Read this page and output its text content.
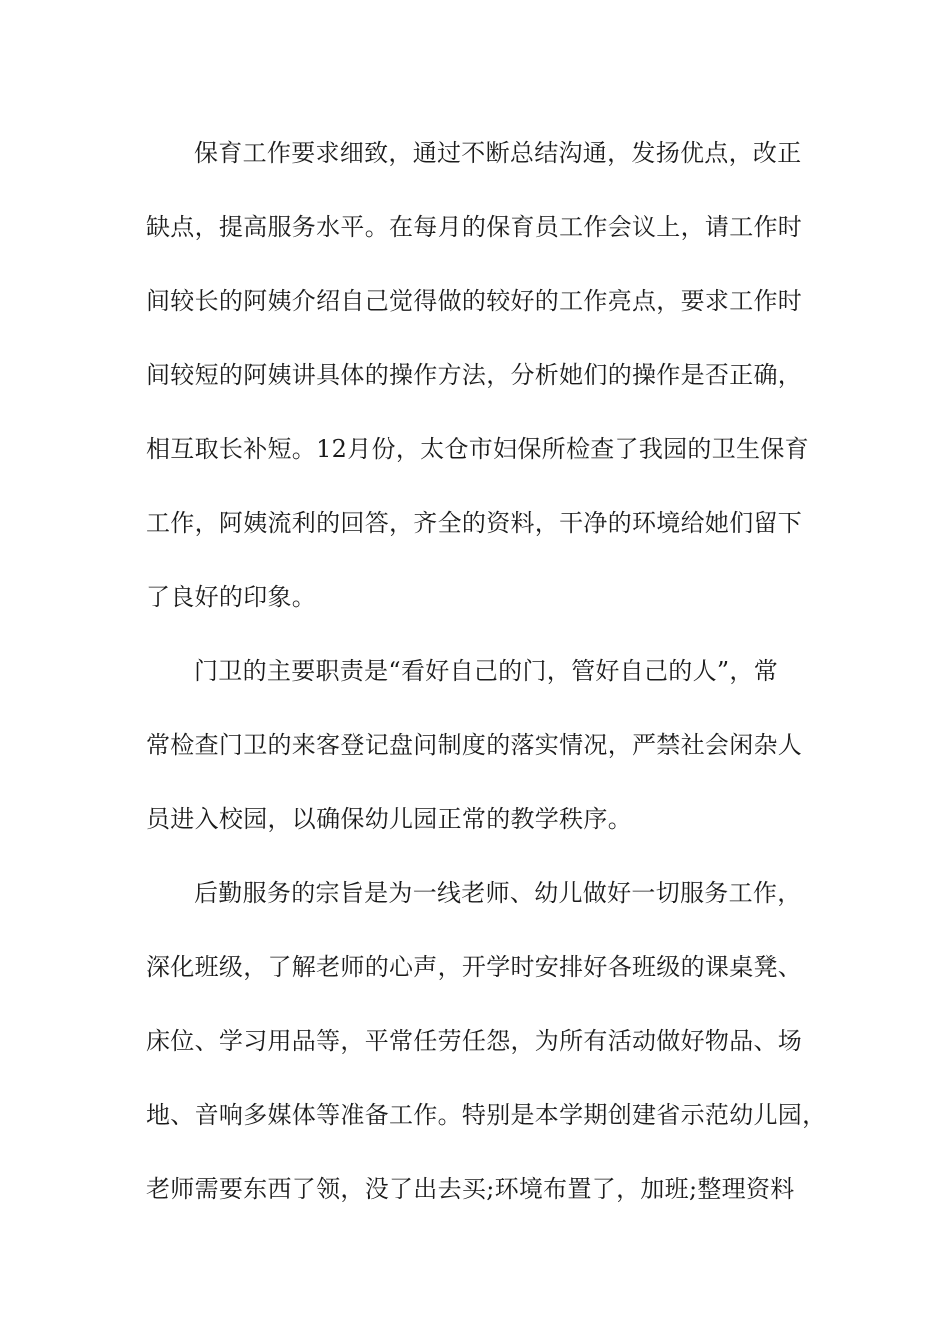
保育工作要求细致，通过不断总结沟通，发扬优点，改正
缺点，提高服务水平。在每月的保育员工作会议上，请工作时
间较长的阿姨介绍自己觉得做的较好的工作亮点，要求工作时
间较短的阿姨讲具体的操作方法，分析她们的操作是否正确，
相互取长补短。12月份，太仓市妇保所检查了我园的卫生保育
工作，阿姨流利的回答，齐全的资料，干净的环境给她们留下
了良好的印象。
门卫的主要职责是“看好自己的门，管好自己的人”，常
常检查门卫的来客登记盘问制度的落实情况，严禁社会闲杂人
员进入校园，以确保幼儿园正常的教学秩序。
后勤服务的宗旨是为一线老师、幼儿做好一切服务工作，
深化班级，了解老师的心声，开学时安排好各班级的课桌凳、
床位、学习用品等，平常任劳任怨，为所有活动做好物品、场
地、音响多媒体等准备工作。特别是本学期创建省示范幼儿园，
老师需要东西了领，没了出去买;环境布置了，加班;整理资料
